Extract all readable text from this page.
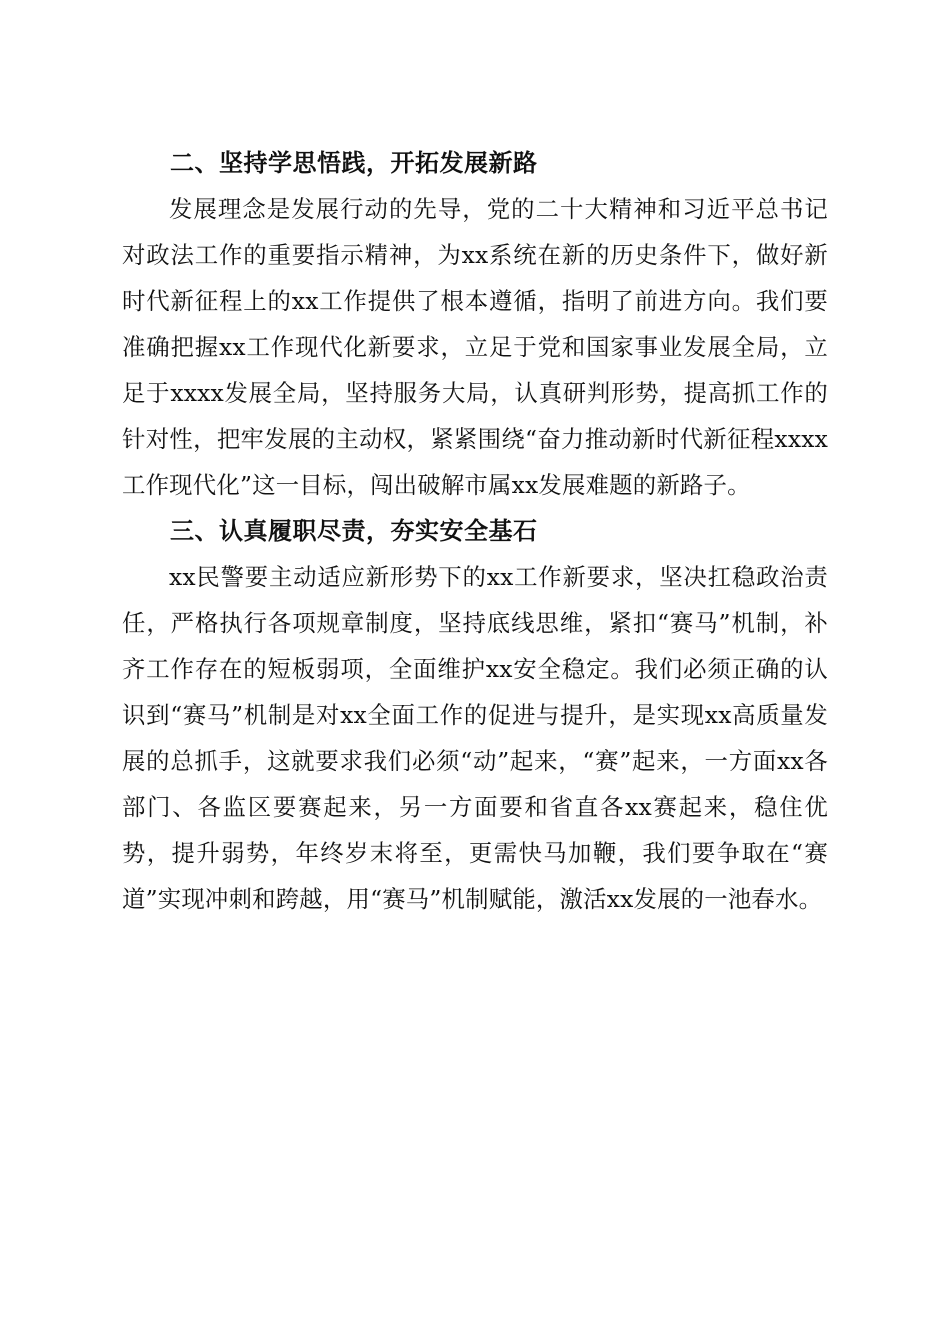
二、坚持学思悟践，开拓发展新路

发展理念是发展行动的先导，党的二十大精神和习近平总书记对政法工作的重要指示精神，为xx系统在新的历史条件下，做好新时代新征程上的xx工作提供了根本遵循，指明了前进方向。我们要准确把握xx工作现代化新要求，立足于党和国家事业发展全局，立足于xxxx发展全局，坚持服务大局，认真研判形势，提高抓工作的针对性，把牢发展的主动权，紧紧围绕“奋力推动新时代新征程xxxx工作现代化”这一目标，闯出破解市属xx发展难题的新路子。

三、认真履职尽责，夯实安全基石

xx民警要主动适应新形势下的xx工作新要求，坚决扛稳政治责任，严格执行各项规章制度，坚持底线思维，紧扣“赛马”机制，补齐工作存在的短板弱项，全面维护xx安全稳定。我们必须正确的认识到“赛马”机制是对xx全面工作的促进与提升，是实现xx高质量发展的总抓手，这就要求我们必须“动”起来，“赛”起来，一方面xx各部门、各监区要赛起来，另一方面要和省直各xx赛起来，稳住优势，提升弱势，年终岁末将至，更需快马加鞭，我们要争取在“赛道”实现冲刺和跨越，用“赛马”机制赋能，激活xx发展的一池春水。
